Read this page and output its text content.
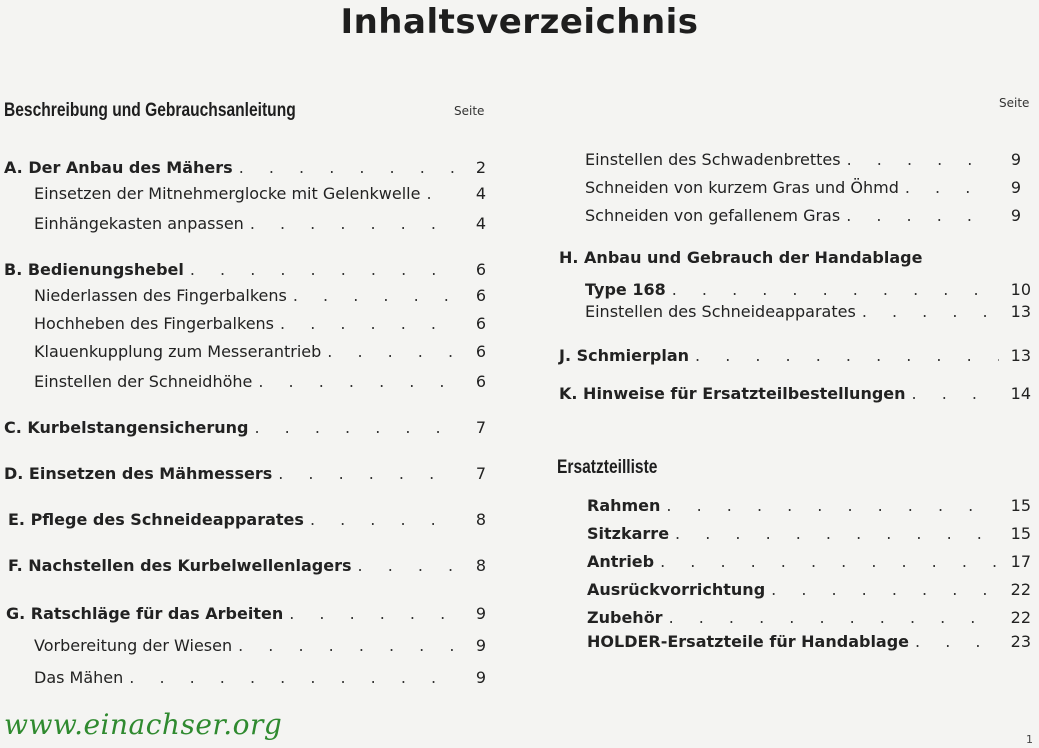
Inhaltsverzeichnis
Beschreibung und Gebrauchsanleitung	Seite
A. Der Anbau des Mähers . . .	2
Einsetzen der Mitnehmerglocke mit Gelenkwelle . . .	4
Einhängekasten anpassen . . .	4
B. Bedienungshebel . . .	6
Niederlassen des Fingerbalkens . . .	6
Hochheben des Fingerbalkens . . .	6
Klauenkupplung zum Messerantrieb . . .	6
Einstellen der Schneidhöhe . . .	6
C. Kurbelstangensicherung . . .	7
D. Einsetzen des Mähmessers . . .	7
E. Pflege des Schneideapparates . . .	8
F. Nachstellen des Kurbelwellenlagers . . .	8
G. Ratschläge für das Arbeiten . . .	9
Vorbereitung der Wiesen . . .	9
Das Mähen . . .	9
Seite
Einstellen des Schwadenbrettes . . .	9
Schneiden von kurzem Gras und Öhmd . . .	9
Schneiden von gefallenem Gras . . .	9
H. Anbau und Gebrauch der Handablage
Type 168 . . .	10
Einstellen des Schneideapparates . . .	13
J. Schmierplan . . .	13
K. Hinweise für Ersatzteilbestellungen . . .	14
Ersatzteilliste
Rahmen . . .	15
Sitzkarre . . .	15
Antrieb . . .	17
Ausrückvorrichtung . . .	22
Zubehör . . .	22
HOLDER-Ersatzteile für Handablage . . .	23
www.einachser.org	1
